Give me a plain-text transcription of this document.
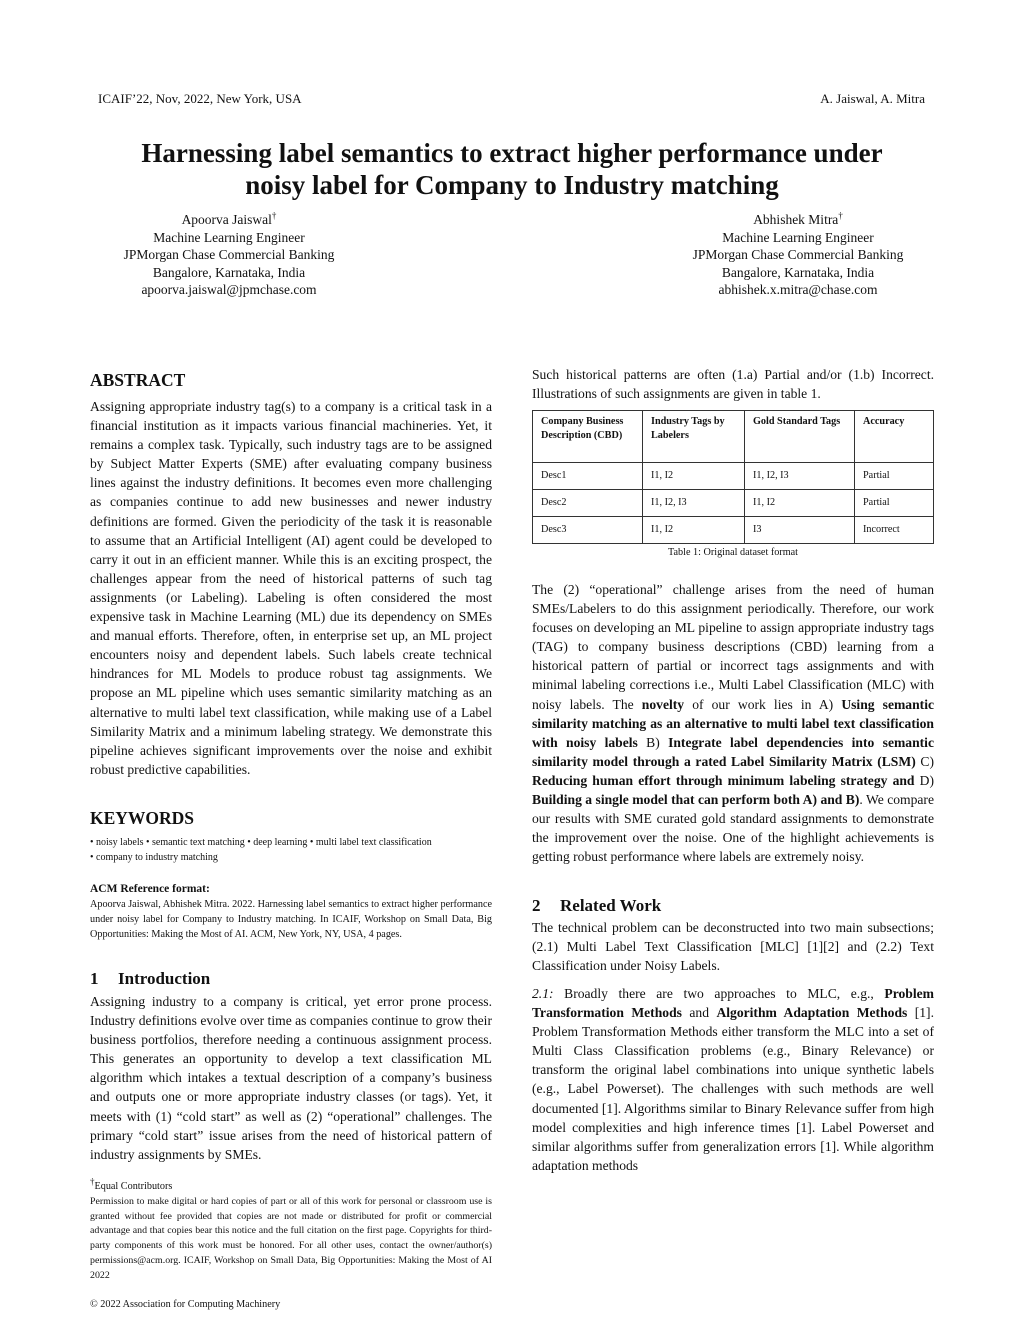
ICAIF’22, Nov, 2022, New York, USA	A. Jaiswal, A. Mitra
Harnessing label semantics to extract higher performance under
noisy label for Company to Industry matching
Apoorva Jaiswal†
Machine Learning Engineer
JPMorgan Chase Commercial Banking
Bangalore, Karnataka, India
apoorva.jaiswal@jpmchase.com
Abhishek Mitra†
Machine Learning Engineer
JPMorgan Chase Commercial Banking
Bangalore, Karnataka, India
abhishek.x.mitra@chase.com
ABSTRACT

Assigning appropriate industry tag(s) to a company is a critical task in a financial institution as it impacts various financial machineries. Yet, it remains a complex task. Typically, such industry tags are to be assigned by Subject Matter Experts (SME) after evaluating company business lines against the industry definitions. It becomes even more challenging as companies continue to add new businesses and newer industry definitions are formed. Given the periodicity of the task it is reasonable to assume that an Artificial Intelligent (AI) agent could be developed to carry it out in an efficient manner. While this is an exciting prospect, the challenges appear from the need of historical patterns of such tag assignments (or Labeling). Labeling is often considered the most expensive task in Machine Learning (ML) due its dependency on SMEs and manual efforts. Therefore, often, in enterprise set up, an ML project encounters noisy and dependent labels. Such labels create technical hindrances for ML Models to produce robust tag assignments. We propose an ML pipeline which uses semantic similarity matching as an alternative to multi label text classification, while making use of a Label Similarity Matrix and a minimum labeling strategy. We demonstrate this pipeline achieves significant improvements over the noise and exhibit robust predictive capabilities.

KEYWORDS
• noisy labels • semantic text matching • deep learning • multi label text classification
• company to industry matching
ACM Reference format:

Apoorva Jaiswal, Abhishek Mitra. 2022. Harnessing label semantics to extract higher performance under noisy label for Company to Industry matching. In ICAIF, Workshop on Small Data, Big Opportunities: Making the Most of AI. ACM, New York, NY, USA, 4 pages.

1 Introduction

Assigning industry to a company is critical, yet error prone process. Industry definitions evolve over time as companies continue to grow their business portfolios, therefore needing a continuous assignment process. This generates an opportunity to develop a text classification ML algorithm which intakes a textual description of a company’s business and outputs one or more appropriate industry classes (or tags). Yet, it meets with (1) “cold start” as well as (2) “operational” challenges. The primary “cold start” issue arises from the need of historical pattern of industry assignments by SMEs.

†Equal Contributors

Permission to make digital or hard copies of part or all of this work for personal or classroom use is granted without fee provided that copies are not made or distributed for profit or commercial advantage and that copies bear this notice and the full citation on the first page. Copyrights for third-party components of this work must be honored. For all other uses, contact the owner/author(s) permissions@acm.org. ICAIF, Workshop on Small Data, Big Opportunities: Making the Most of AI 2022

© 2022 Association for Computing Machinery

Such historical patterns are often (1.a) Partial and/or (1.b) Incorrect. Illustrations of such assignments are given in table 1.

Company Business Description (CBD)	Industry Tags by Labelers	Gold Standard Tags	Accuracy
Desc1	I1, I2	I1, I2, I3	Partial
Desc2	I1, I2, I3	I1, I2	Partial
Desc3	I1, I2	I3	Incorrect
Table 1: Original dataset format

The (2) “operational” challenge arises from the need of human SMEs/Labelers to do this assignment periodically. Therefore, our work focuses on developing an ML pipeline to assign appropriate industry tags (TAG) to company business descriptions (CBD) learning from a historical pattern of partial or incorrect tags assignments and with minimal labeling corrections i.e., Multi Label Classification (MLC) with noisy labels. The novelty of our work lies in A) Using semantic similarity matching as an alternative to multi label text classification with noisy labels B) Integrate label dependencies into semantic similarity model through a rated Label Similarity Matrix (LSM) C) Reducing human effort through minimum labeling strategy and D) Building a single model that can perform both A) and B). We compare our results with SME curated gold standard assignments to demonstrate the improvement over the noise. One of the highlight achievements is getting robust performance where labels are extremely noisy.

2 Related Work

The technical problem can be deconstructed into two main subsections; (2.1) Multi Label Text Classification [MLC] [1][2] and (2.2) Text Classification under Noisy Labels.

2.1: Broadly there are two approaches to MLC, e.g., Problem Transformation Methods and Algorithm Adaptation Methods [1]. Problem Transformation Methods either transform the MLC into a set of Multi Class Classification problems (e.g., Binary Relevance) or transform the original label combinations into unique synthetic labels (e.g., Label Powerset). The challenges with such methods are well documented [1]. Algorithms similar to Binary Relevance suffer from high model complexities and high inference times [1]. Label Powerset and similar algorithms suffer from generalization errors [1]. While algorithm adaptation methods
